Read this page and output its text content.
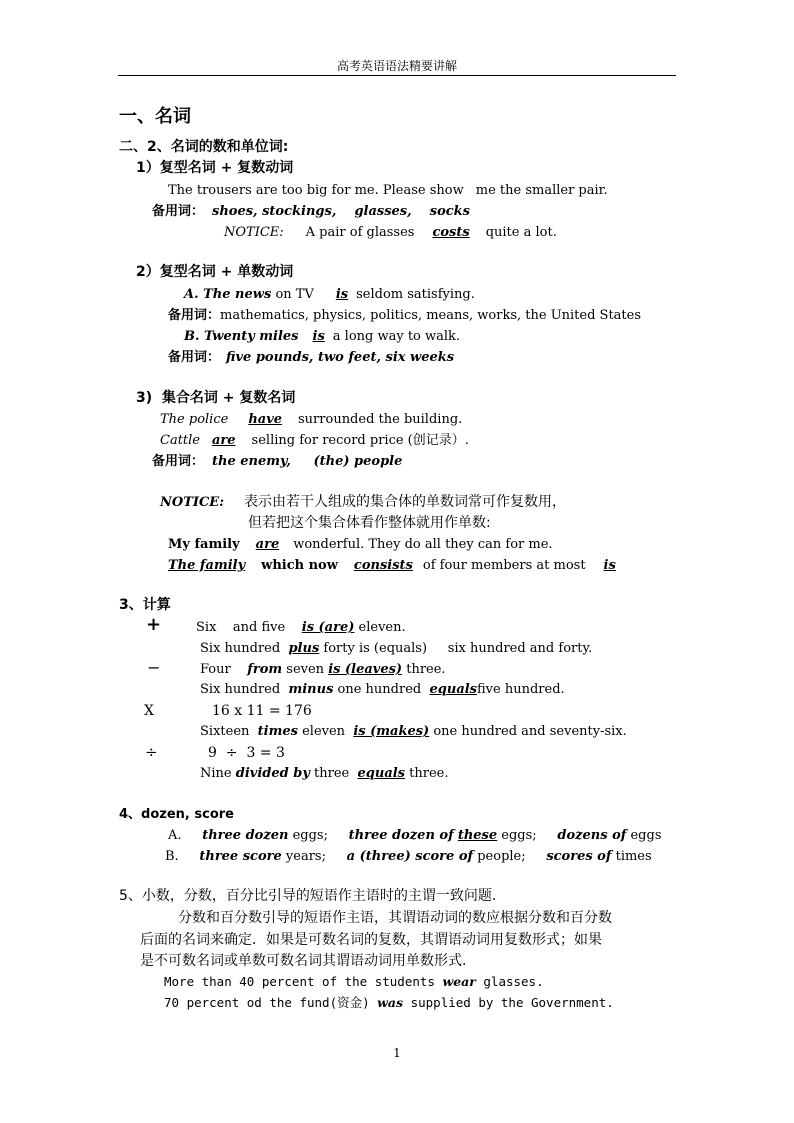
高考英语语法精要讲解
一、名词
二、2、名词的数和单位词:
1）复型名词 + 复数动词
The trousers are too big for me. Please show me the smaller pair.
备用词： shoes, stockings,    glasses,    socks
NOTICE: A pair of glasses costs quite a lot.
2）复型名词 + 单数动词
A. The news on TV is seldom satisfying.
备用词：mathematics, physics, politics, means, works, the United States
B. Twenty miles is a long way to walk.
备用词： five pounds, two feet, six weeks
3)  集合名词 + 复数名词
The police have surrounded the building.
Cattle are selling for record price (创记录）.
备用词： the enemy,     (the) people
NOTICE: 表示由若干人组成的集合体的单数词常可作复数用，
但若把这个集合体看作整体就用作单数:
My family are wonderful. They do all they can for me.
The family which now consists of four members at most is
3、计算
+	Six    and five is (are) eleven.
Six hundred plus forty is (equals)     six hundred and forty.
−	Four from seven is (leaves) three.
Six hundred minus one hundred equalsfive hundred.
X	16 x 11 = 176
Sixteen times eleven is (makes) one hundred and seventy-six.
÷	9  ÷  3 = 3
Nine divided by three equals three.
4、dozen, score
A. three dozen eggs; three dozen of these eggs; dozens of eggs
B. three score years; a (three) score of people; scores of times
5、小数，分数，百分比引导的短语作主语时的主谓一致问题.
分数和百分数引导的短语作主语，其谓语动词的数应根据分数和百分数
后面的名词来确定．如果是可数名词的复数，其谓语动词用复数形式；如果
是不可数名词或单数可数名词其谓语动词用单数形式.
More than 40 percent of the students wear glasses.
70 percent od the fund(资金) was supplied by the Government.
1
